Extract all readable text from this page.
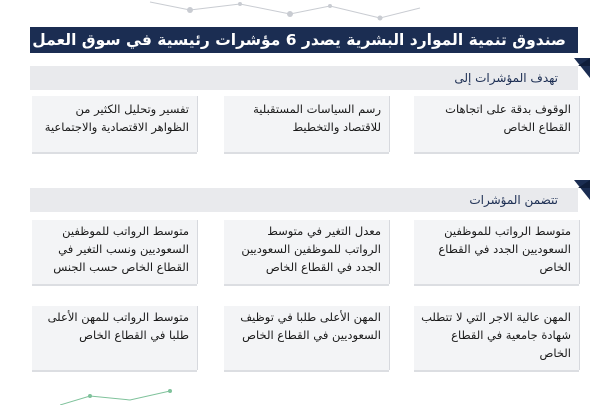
صندوق تنمية الموارد البشرية يصدر 6 مؤشرات رئيسية في سوق العمل
تهدف المؤشرات إلى
الوقوف بدقة على اتجاهات القطاع الخاص
رسم السياسات المستقبلية للاقتصاد والتخطيط
تفسير وتحليل الكثير من الظواهر الاقتصادية والاجتماعية
تتضمن المؤشرات
متوسط الرواتب للموظفين السعوديين الجدد في القطاع الخاص
معدل التغير في متوسط الرواتب للموظفين السعوديين الجدد في القطاع الخاص
متوسط الرواتب للموظفين السعوديين ونسب التغير في القطاع الخاص حسب الجنس
المهن عالية الاجر التي لا تتطلب شهادة جامعية في القطاع الخاص
المهن الأعلى طلبا في توظيف السعوديين في القطاع الخاص
متوسط الرواتب للمهن الأعلى طلبا في القطاع الخاص
